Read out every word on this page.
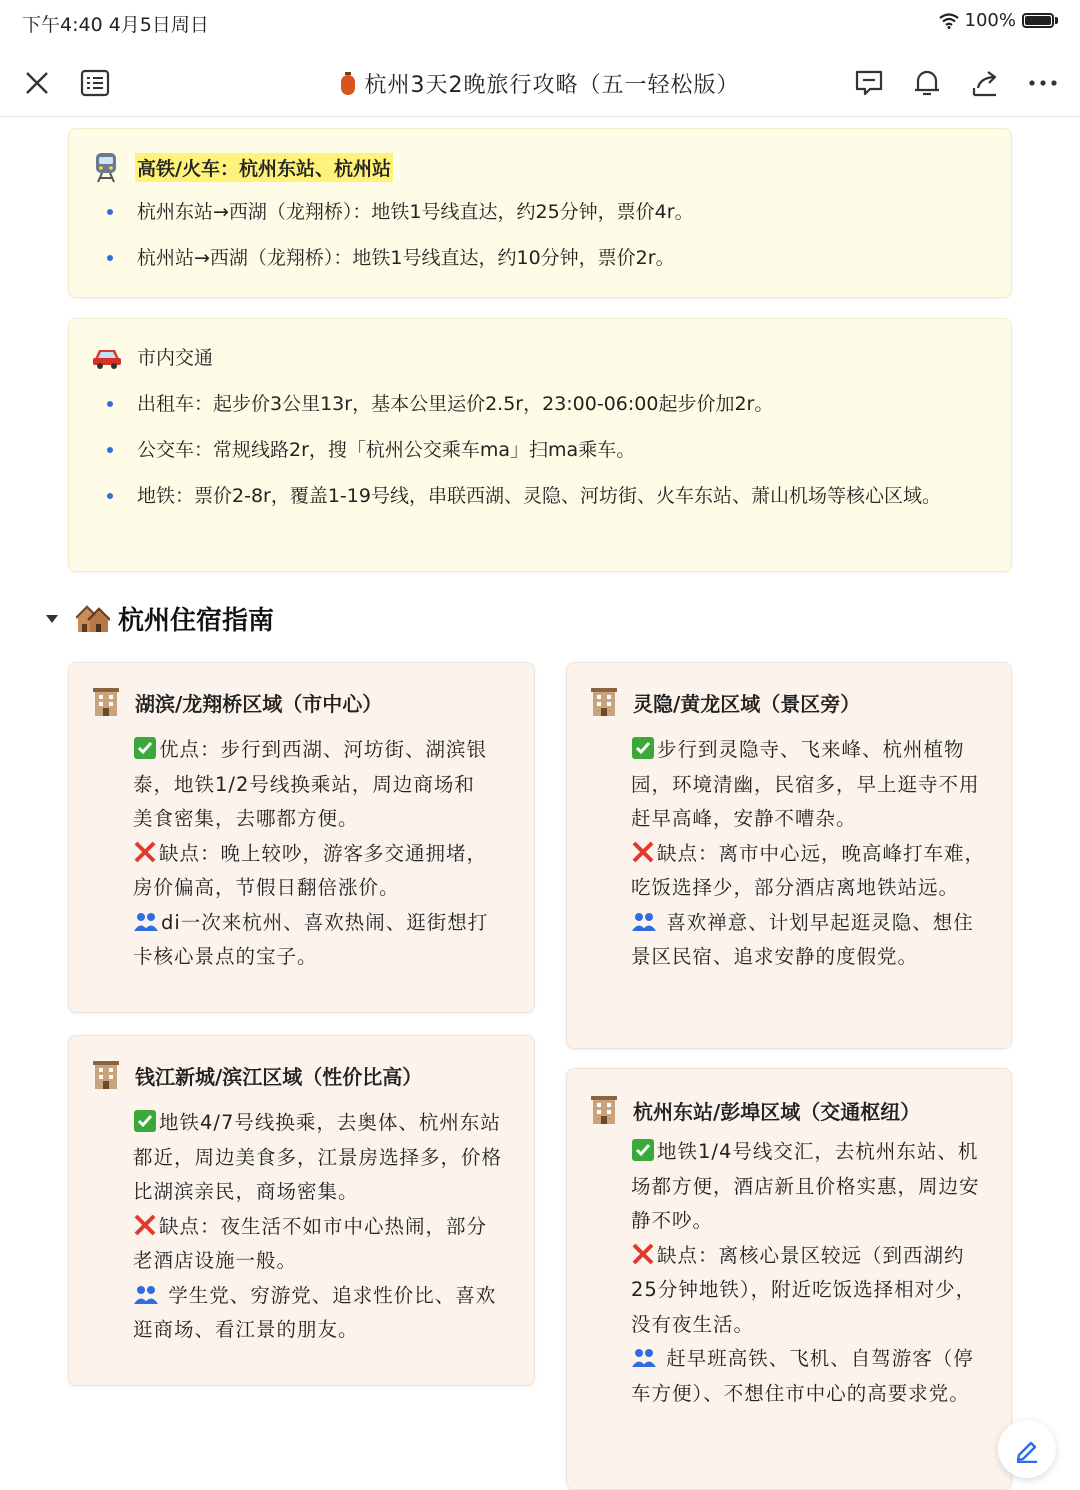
下午4:40 4月5日周日	100%
杭州3天2晚旅行攻略（五一轻松版）
高铁/火车：杭州东站、杭州站
杭州东站→西湖（龙翔桥）：地铁1号线直达，约25分钟，票价4r。
杭州站→西湖（龙翔桥）：地铁1号线直达，约10分钟，票价2r。
市内交通
出租车：起步价3公里13r，基本公里运价2.5r，23:00-06:00起步价加2r。
公交车：常规线路2r，搜「杭州公交乘车ma」扫ma乘车。
地铁：票价2-8r，覆盖1-19号线，串联西湖、灵隐、河坊街、火车东站、萧山机场等核心区域。
杭州住宿指南
湖滨/龙翔桥区域（市中心）

优点：步行到西湖、河坊街、湖滨银泰，地铁1/2号线换乘站，周边商场和美食密集，去哪都方便。

缺点：晚上较吵，游客多交通拥堵，房价偏高，节假日翻倍涨价。

di一次来杭州、喜欢热闹、逛街想打卡核心景点的宝子。

灵隐/黄龙区域（景区旁）

步行到灵隐寺、飞来峰、杭州植物园，环境清幽，民宿多，早上逛寺不用赶早高峰，安静不嘈杂。

缺点：离市中心远，晚高峰打车难，吃饭选择少，部分酒店离地铁站远。

喜欢禅意、计划早起逛灵隐、想住景区民宿、追求安静的度假党。

钱江新城/滨江区域（性价比高）

地铁4/7号线换乘，去奥体、杭州东站都近，周边美食多，江景房选择多，价格比湖滨亲民，商场密集。

缺点：夜生活不如市中心热闹，部分老酒店设施一般。

学生党、穷游党、追求性价比、喜欢逛商场、看江景的朋友。

杭州东站/彭埠区域（交通枢纽）

地铁1/4号线交汇，去杭州东站、机场都方便，酒店新且价格实惠，周边安静不吵。

缺点：离核心景区较远（到西湖约25分钟地铁），附近吃饭选择相对少，没有夜生活。

赶早班高铁、飞机、自驾游客（停车方便）、不想住市中心的高要求党。
